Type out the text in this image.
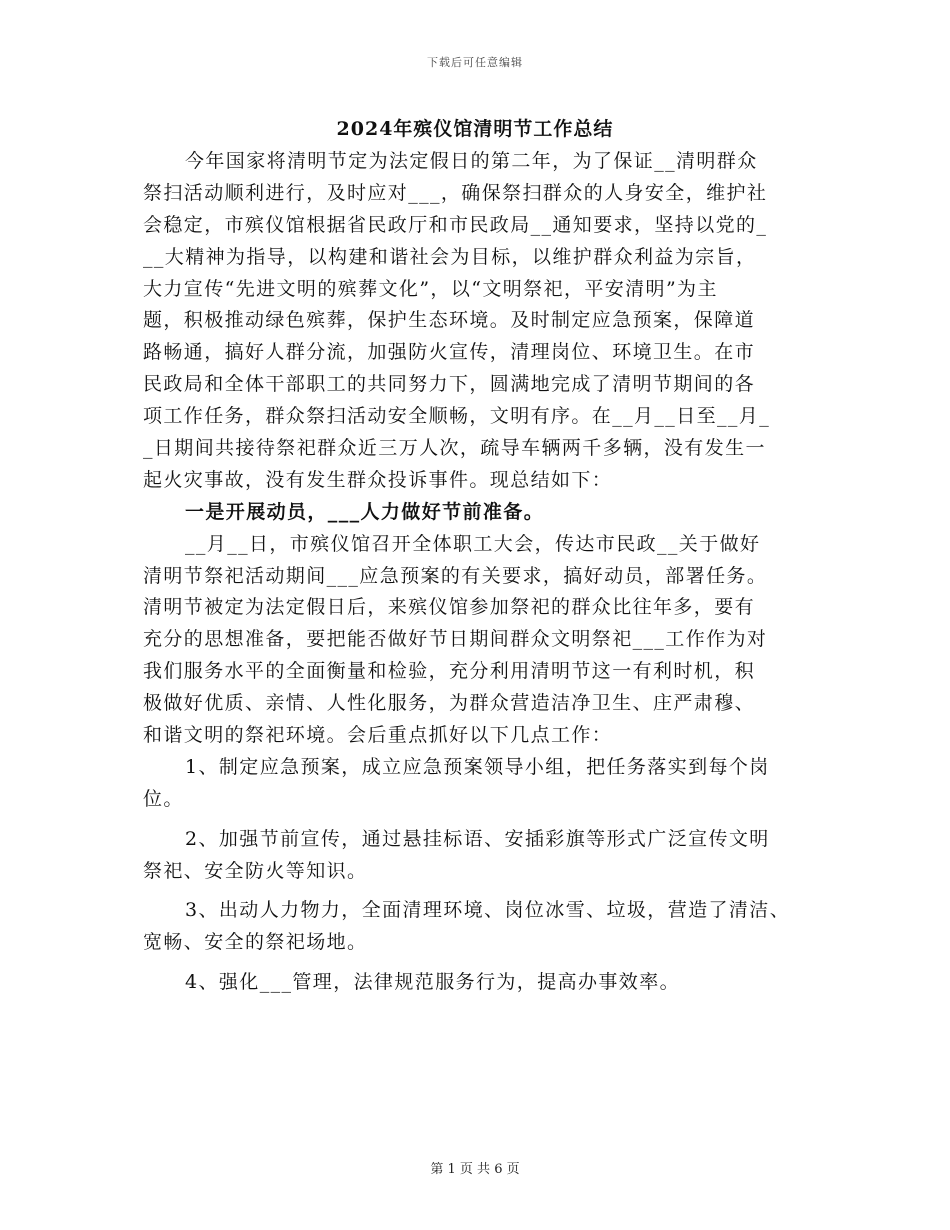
下载后可任意编辑
2024年殡仪馆清明节工作总结
今年国家将清明节定为法定假日的第二年，为了保证__清明群众
祭扫活动顺利进行，及时应对___，确保祭扫群众的人身安全，维护社
会稳定，市殡仪馆根据省民政厅和市民政局__通知要求，坚持以党的_
__大精神为指导，以构建和谐社会为目标，以维护群众利益为宗旨，
大力宣传“先进文明的殡葬文化”，以“文明祭祀，平安清明”为主
题，积极推动绿色殡葬，保护生态环境。及时制定应急预案，保障道
路畅通，搞好人群分流，加强防火宣传，清理岗位、环境卫生。在市
民政局和全体干部职工的共同努力下，圆满地完成了清明节期间的各
项工作任务，群众祭扫活动安全顺畅，文明有序。在__月__日至__月_
_日期间共接待祭祀群众近三万人次，疏导车辆两千多辆，没有发生一
起火灾事故，没有发生群众投诉事件。现总结如下：
一是开展动员，___人力做好节前准备。
__月__日，市殡仪馆召开全体职工大会，传达市民政__关于做好
清明节祭祀活动期间___应急预案的有关要求，搞好动员，部署任务。
清明节被定为法定假日后，来殡仪馆参加祭祀的群众比往年多，要有
充分的思想准备，要把能否做好节日期间群众文明祭祀___工作作为对
我们服务水平的全面衡量和检验，充分利用清明节这一有利时机，积
极做好优质、亲情、人性化服务，为群众营造洁净卫生、庄严肃穆、
和谐文明的祭祀环境。会后重点抓好以下几点工作：
1、制定应急预案，成立应急预案领导小组，把任务落实到每个岗
位。
2、加强节前宣传，通过悬挂标语、安插彩旗等形式广泛宣传文明
祭祀、安全防火等知识。
3、出动人力物力，全面清理环境、岗位冰雪、垃圾，营造了清洁、
宽畅、安全的祭祀场地。
4、强化___管理，法律规范服务行为，提高办事效率。
第 1 页 共 6 页
